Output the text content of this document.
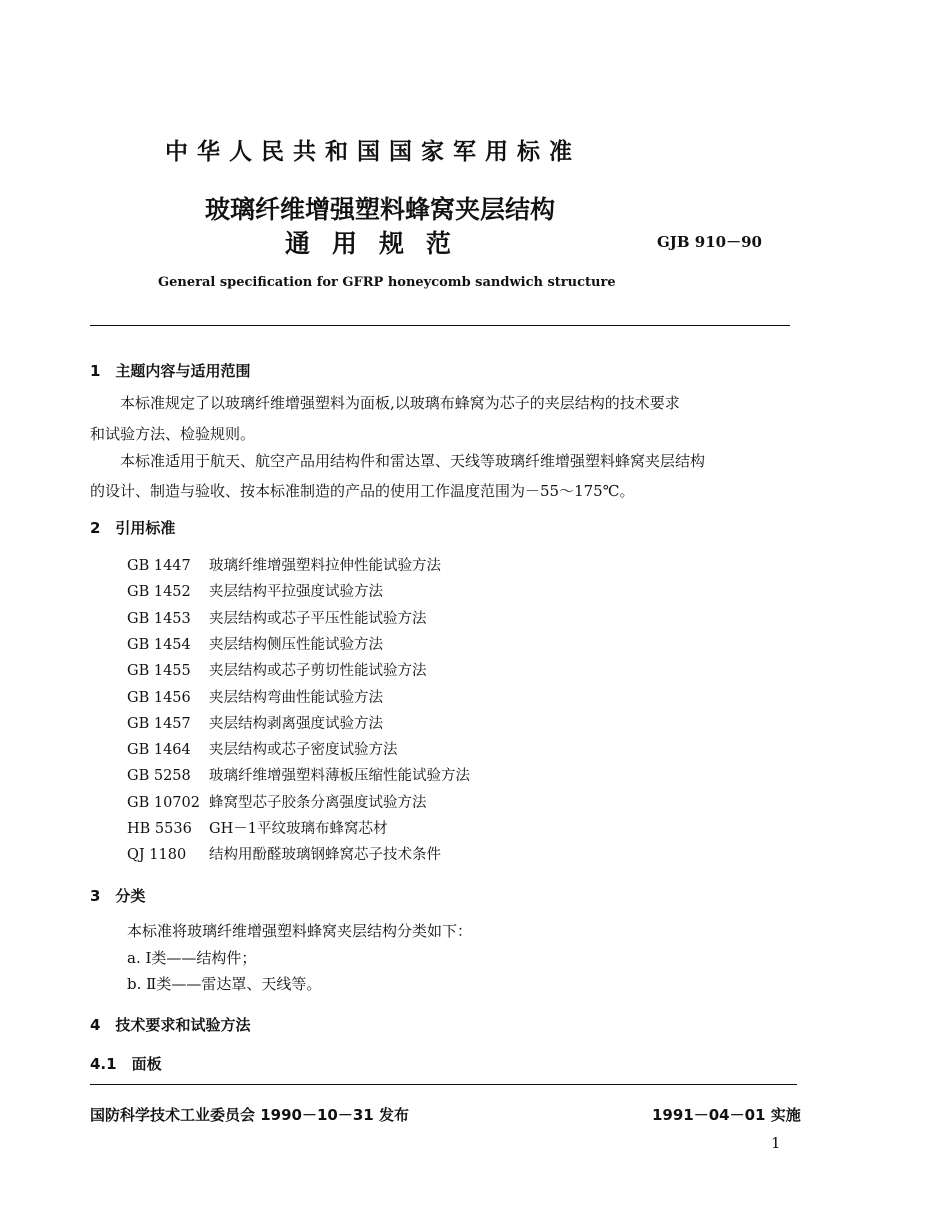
中华人民共和国国家军用标准
玻璃纤维增强塑料蜂窝夹层结构
通用规范	GJB 910－90
General specification for GFRP honeycomb sandwich structure
1　主题内容与适用范围
本标准规定了以玻璃纤维增强塑料为面板,以玻璃布蜂窝为芯子的夹层结构的技术要求
和试验方法、检验规则。
本标准适用于航天、航空产品用结构件和雷达罩、天线等玻璃纤维增强塑料蜂窝夹层结构
的设计、制造与验收、按本标准制造的产品的使用工作温度范围为－55～175℃。
2　引用标准
GB 1447 玻璃纤维增强塑料拉伸性能试验方法
GB 1452 夹层结构平拉强度试验方法
GB 1453 夹层结构或芯子平压性能试验方法
GB 1454 夹层结构侧压性能试验方法
GB 1455 夹层结构或芯子剪切性能试验方法
GB 1456 夹层结构弯曲性能试验方法
GB 1457 夹层结构剥离强度试验方法
GB 1464 夹层结构或芯子密度试验方法
GB 5258 玻璃纤维增强塑料薄板压缩性能试验方法
GB 10702 蜂窝型芯子胶条分离强度试验方法
HB 5536 GH－1平纹玻璃布蜂窝芯材
QJ 1180 结构用酚醛玻璃钢蜂窝芯子技术条件
3　分类
本标准将玻璃纤维增强塑料蜂窝夹层结构分类如下：
a. Ⅰ类——结构件；
b. Ⅱ类——雷达罩、天线等。
4　技术要求和试验方法
4.1　面板
国防科学技术工业委员会 1990－10－31 发布	1991－04－01 实施
1
